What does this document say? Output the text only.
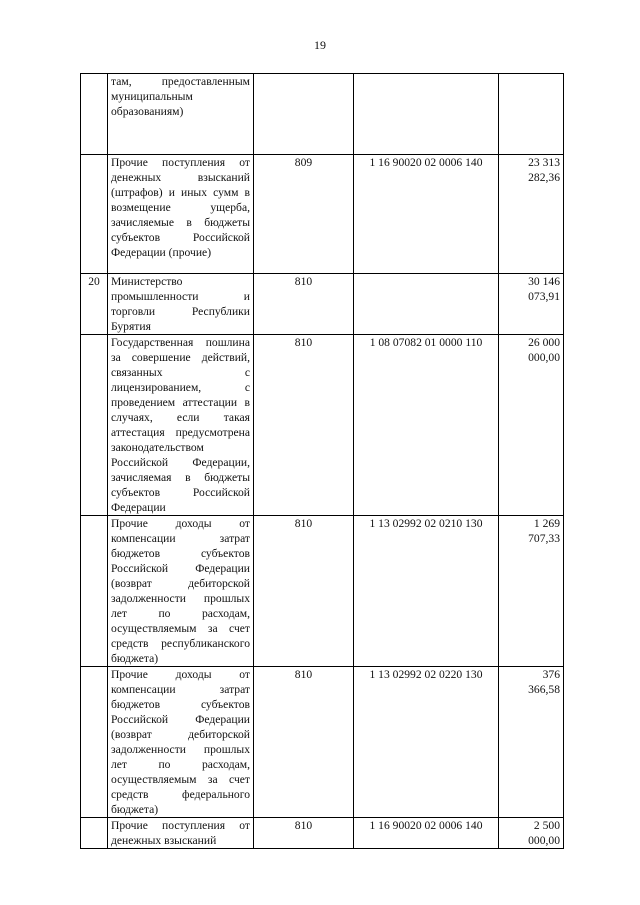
19
	там, предоставленным муниципальным образованиям)			

	Прочие поступления от денежных взысканий (штрафов) и иных сумм в возмещение ущерба, зачисляемые в бюджеты субъектов Российской Федерации (прочие)	809	1 16 90020 02 0006 140	23 313
282,36

20	Министерство промышленности и торговли Республики Бурятия	810		30 146
073,91

	Государственная пошлина за совершение действий, связанных с лицензированием, с проведением аттестации в случаях, если такая аттестация предусмотрена законодательством Российской Федерации, зачисляемая в бюджеты субъектов Российской Федерации	810	1 08 07082 01 0000 110	26 000
000,00

	Прочие доходы от компенсации затрат бюджетов субъектов Российской Федерации (возврат дебиторской задолженности прошлых лет по расходам, осуществляемым за счет средств республиканского бюджета)	810	1 13 02992 02 0210 130	1 269
707,33

	Прочие доходы от компенсации затрат бюджетов субъектов Российской Федерации (возврат дебиторской задолженности прошлых лет по расходам, осуществляемым за счет средств федерального бюджета)	810	1 13 02992 02 0220 130	376
366,58

	Прочие поступления от денежных взысканий	810	1 16 90020 02 0006 140	2 500
000,00
